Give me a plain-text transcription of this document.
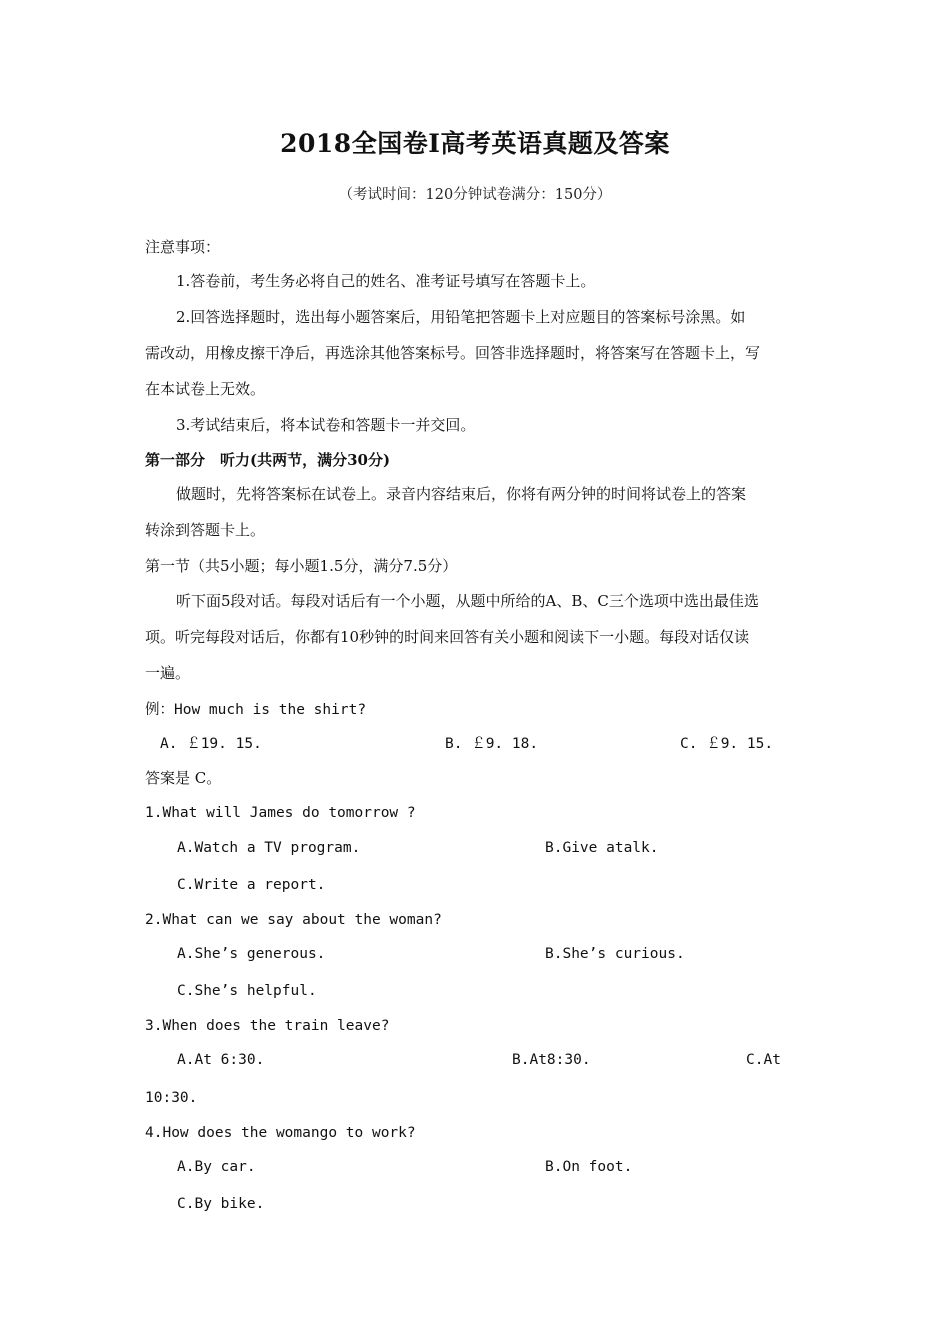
2018全国卷Ⅰ高考英语真题及答案
（考试时间：120分钟试卷满分：150分）
注意事项：
1.答卷前，考生务必将自己的姓名、准考证号填写在答题卡上。
2.回答选择题时，选出每小题答案后，用铅笔把答题卡上对应题目的答案标号涂黑。如
需改动，用橡皮擦干净后，再选涂其他答案标号。回答非选择题时，将答案写在答题卡上，写
在本试卷上无效。
3.考试结束后，将本试卷和答题卡一并交回。
第一部分　听力(共两节，满分30分)
做题时，先将答案标在试卷上。录音内容结束后，你将有两分钟的时间将试卷上的答案
转涂到答题卡上。
第一节（共5小题；每小题1.5分，满分7.5分）
听下面5段对话。每段对话后有一个小题，从题中所给的A、B、C三个选项中选出最佳选
项。听完每段对话后，你都有10秒钟的时间来回答有关小题和阅读下一小题。每段对话仅读
一遍。
例：How much is the shirt?
A. ￡19. 15.	B. ￡9. 18.	C. ￡9. 15.
答案是 C。
1.What will James do tomorrow ?
A.Watch a TV program.	B.Give atalk.
C.Write a report.
2.What can we say about the woman?
A.She’s generous.	B.She’s curious.
C.She’s helpful.
3.When does the train leave?
A.At 6:30.	B.At8:30.	C.At
10:30.
4.How does the womango to work?
A.By car.	B.On foot.
C.By bike.
